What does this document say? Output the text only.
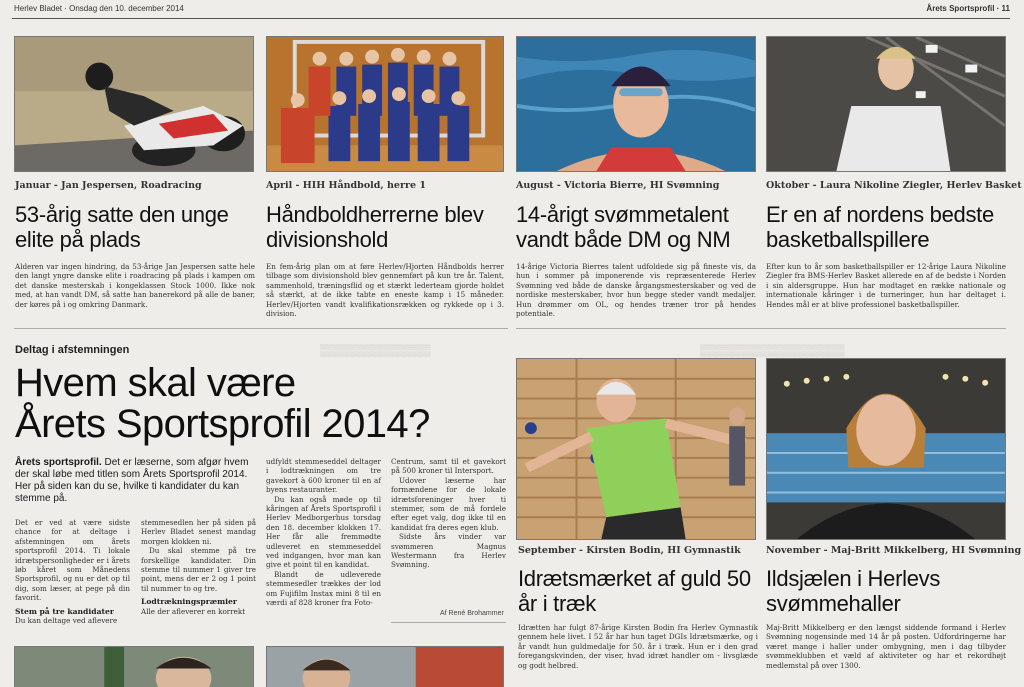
Herlev Bladet · Onsdag den 10. december 2014	Årets Sportsprofil · 11
Januar - Jan Jespersen, Roadracing
53-årig satte den unge elite på plads
Alderen var ingen hindring, da 53-årige Jan Jespersen satte hele den langt yngre danske elite i roadracing på plads i kampen om det danske mesterskab i kongeklassen Stock 1000. Ikke nok med, at han vandt DM, så satte han banerekord på alle de baner, der køres på i og omkring Danmark.
April - HIH Håndbold, herre 1
Håndboldherrerne blev divisionshold
En fem-årig plan om at føre Herlev/Hjorten Håndbolds herrer tilbage som divisionshold blev gennemført på kun tre år. Talent, sammenhold, træningsflid og et stærkt lederteam gjorde holdet så stærkt, at de ikke tabte en eneste kamp i 15 måneder. Herlev/Hjorten vandt kvalifikationsrækken og rykkede op i 3. division.
August - Victoria Bierre, HI Svømning
14-årigt svømmetalent vandt både DM og NM
14-årige Victoria Bierres talent udfoldede sig på fineste vis, da hun i sommer på imponerende vis repræsenterede Herlev Svømning ved både de danske årgangsmesterskaber og ved de nordiske mesterskaber, hvor hun begge steder vandt medaljer. Hun drømmer om OL, og hendes træner tror på hendes potentiale.
Oktober - Laura Nikoline Ziegler, Herlev Basket
Er en af nordens bedste basketballspillere
Efter kun to år som basketballspiller er 12-årige Laura Nikoline Ziegler fra BMS-Herlev Basket allerede en af de bedste i Norden i sin aldersgruppe. Hun har modtaget en række nationale og internationale kåringer i de turneringer, hun har deltaget i. Hendes mål er at blive professionel basketballspiller.
▒▒▒▒▒▒▒▒▒▒▒▒▒	▒▒▒▒▒▒▒▒▒▒▒▒▒▒▒▒▒
Deltag i afstemningen
Hvem skal være
Årets Sportsprofil 2014?
Årets sportsprofil. Det er læserne, som afgør hvem der skal løbe med titlen som Årets Sportsprofil 2014. Her på siden kan du se, hvilke ti kandidater du kan stemme på.
Det er ved at være sidste chance for at deltage i afstemningen om årets sportsprofil 2014. Ti lokale idrætspersonligheder er i årets løb kåret som Månedens Sportsprofil, og nu er det op til dig, som læser, at pege på din favorit.
Stem på tre kandidater
Du kan deltage ved aflevere
stemmesedlen her på siden på Herlev Bladet senest mandag morgen klokken ni.
Du skal stemme på tre forskellige kandidater. Din stemme til nummer 1 giver tre point, mens der er 2 og 1 point til nummer to og tre.
Lodtrækningspræmier
Alle der afleverer en korrekt
udfyldt stemmeseddel deltager i lodtrækningen om tre gavekort à 600 kroner til en af byens restauranter.
Du kan også møde op til kåringen af Årets Sportsprofil i Herlev Medborgerhus torsdag den 18. december klokken 17. Her får alle fremmødte udleveret en stemmeseddel ved indgangen, hvor man kan give et point til en kandidat.
Blandt de udleverede stemmesedler trækkes der lod om Fujifilm Instax mini 8 til en værdi af 828 kroner fra Foto-
Centrum, samt til et gavekort på 500 kroner til Intersport.
Udover læserne har formændene for de lokale idrætsforeninger hver ti stemmer, som de må fordele efter eget valg, dog ikke til en kandidat fra deres egen klub.
Sidste års vinder var svømmeren Magnus Westermann fra Herlev Svømning.
Af René Brohammer
September - Kirsten Bodin, HI Gymnastik
Idrætsmærket af guld 50 år i træk
Idrætten har fulgt 87-årige Kirsten Bodin fra Herlev Gymnastik gennem hele livet. I 52 år har hun taget DGIs Idrætsmærke, og i år vandt hun guldmedalje for 50. år i træk. Hun er i den grad foregangskvinden, der viser, hvad idræt handler om - livsglæde og godt helbred.
November - Maj-Britt Mikkelberg, HI Svømning
Ildsjælen i Herlevs svømmehaller
Maj-Britt Mikkelberg er den længst siddende formand i Herlev Svømning nogensinde med 14 år på posten. Udfordringerne har været mange i haller under ombygning, men i dag tilbyder svømmeklubben et væld af aktiviteter og har et rekordhøjt medlemstal på over 1300.
